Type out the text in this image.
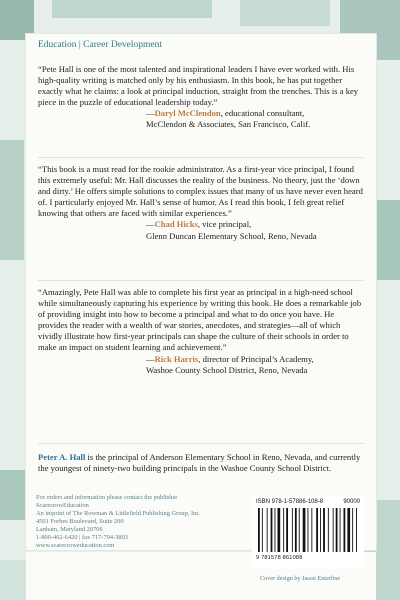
Education | Career Development

“Pete Hall is one of the most talented and inspirational leaders I have ever worked with. His high-quality writing is matched only by his enthusiasm. In this book, he has put together exactly what he claims: a look at principal induction, straight from the trenches. This is a key piece in the puzzle of educational leadership today.”

—Daryl McClendon, educational consultant,

McClendon & Associates, San Francisco, Calif.

“This book is a must read for the rookie administrator. As a first-year vice principal, I found this extremely useful: Mr. Hall discusses the reality of the business. No theory, just the ‘down and dirty.’ He offers simple solutions to complex issues that many of us have never even heard of. I particularly enjoyed Mr. Hall’s sense of humor. As I read this book, I felt great relief knowing that others are faced with similar experiences.”

—Chad Hicks, vice principal,

Glenn Duncan Elementary School, Reno, Nevada

“Amazingly, Pete Hall was able to complete his first year as principal in a high-need school while simultaneously capturing his experience by writing this book. He does a remarkable job of providing insight into how to become a principal and what to do once you have. He provides the reader with a wealth of war stories, anecdotes, and strategies—all of which vividly illustrate how first-year principals can shape the culture of their schools in order to make an impact on student learning and achievement.”

—Rick Harris, director of Principal’s Academy,

Washoe County School District, Reno, Nevada

Peter A. Hall is the principal of Anderson Elementary School in Reno, Nevada, and currently the youngest of ninety-two building principals in the Washoe County School District.

For orders and information please contact the publisher

ScarecrowEducation

An imprint of The Rowman & Littlefield Publishing Group, Inc.

4501 Forbes Boulevard, Suite 200

Lanham, Maryland 20706

1-800-462-6420 | fax 717-794-3803

www.scarecroweducation.com

ISBN 978-1-57886-108-8	90000
9 781578 861088
Cover design by Jason Enterline
